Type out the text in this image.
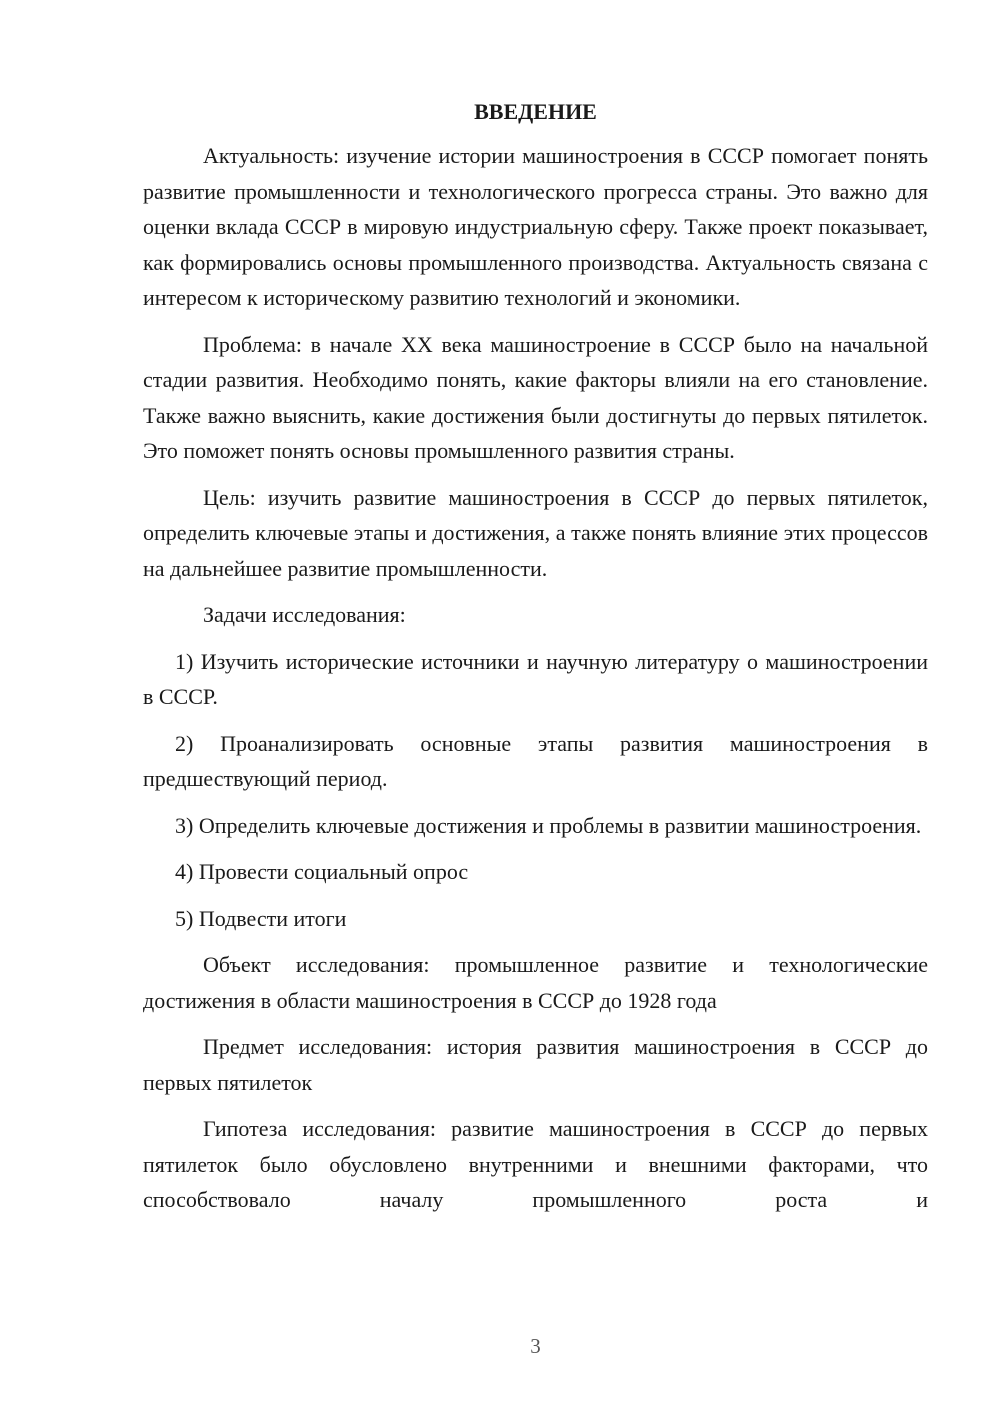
ВВЕДЕНИЕ

Актуальность: изучение истории машиностроения в СССР помогает понять развитие промышленности и технологического прогресса страны. Это важно для оценки вклада СССР в мировую индустриальную сферу. Также проект показывает, как формировались основы промышленного производства. Актуальность связана с интересом к историческому развитию технологий и экономики.

Проблема: в начале XX века машиностроение в СССР было на начальной стадии развития. Необходимо понять, какие факторы влияли на его становление. Также важно выяснить, какие достижения были достигнуты до первых пятилеток. Это поможет понять основы промышленного развития страны.

Цель: изучить развитие машиностроения в СССР до первых пятилеток, определить ключевые этапы и достижения, а также понять влияние этих процессов на дальнейшее развитие промышленности.

Задачи исследования:

1) Изучить исторические источники и научную литературу о машиностроении в СССР.

2) Проанализировать основные этапы развития машиностроения в предшествующий период.

3) Определить ключевые достижения и проблемы в развитии машиностроения.

4) Провести социальный опрос

5) Подвести итоги

Объект исследования: промышленное развитие и технологические достижения в области машиностроения в СССР до 1928 года

Предмет исследования: история развития машиностроения в СССР до первых пятилеток

Гипотеза исследования: развитие машиностроения в СССР до первых пятилеток было обусловлено внутренними и внешними факторами, что способствовало началу промышленного роста и

3
